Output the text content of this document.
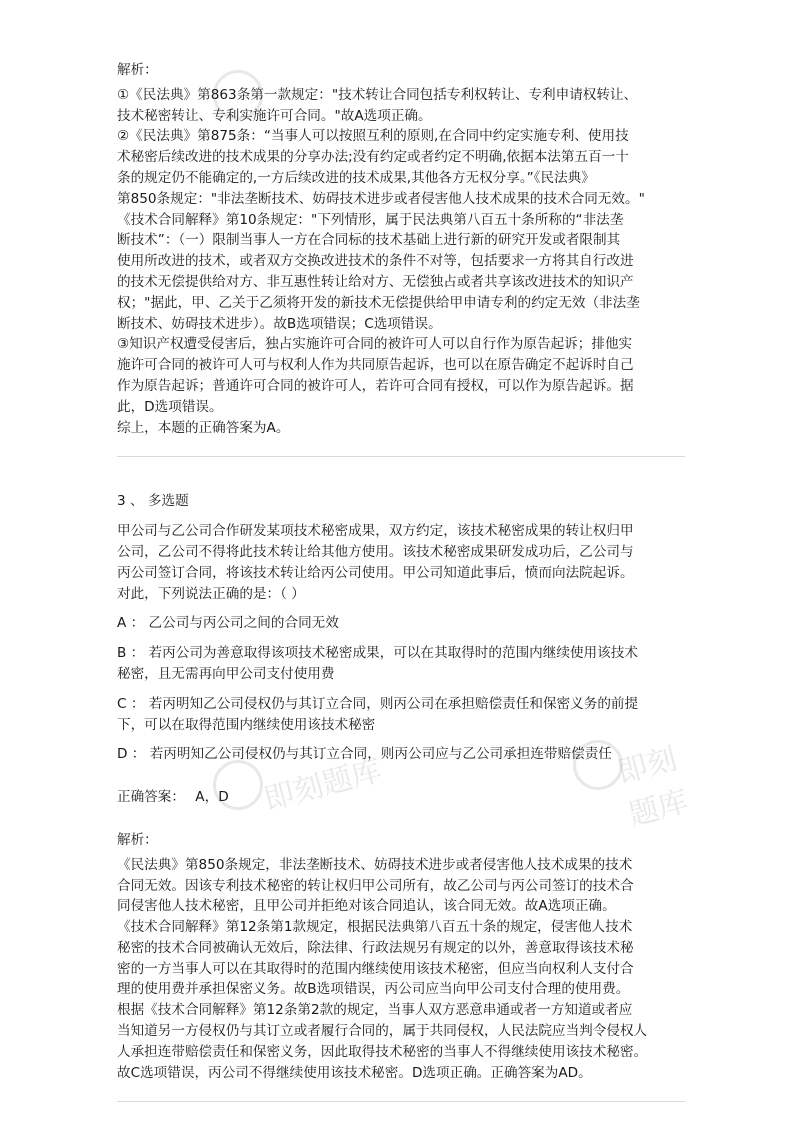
即刻题库	即刻题库
解析：
①《民法典》第863条第一款规定："技术转让合同包括专利权转让、专利申请权转让、
技术秘密转让、专利实施许可合同。"故A选项正确。
②《民法典》第875条：“当事人可以按照互利的原则,在合同中约定实施专利、使用技
术秘密后续改进的技术成果的分享办法;没有约定或者约定不明确,依据本法第五百一十
条的规定仍不能确定的,一方后续改进的技术成果,其他各方无权分享。”《民法典》
第850条规定："非法垄断技术、妨碍技术进步或者侵害他人技术成果的技术合同无效。"
《技术合同解释》第10条规定："下列情形，属于民法典第八百五十条所称的“非法垄
断技术”：（一）限制当事人一方在合同标的技术基础上进行新的研究开发或者限制其
使用所改进的技术，或者双方交换改进技术的条件不对等，包括要求一方将其自行改进
的技术无偿提供给对方、非互惠性转让给对方、无偿独占或者共享该改进技术的知识产
权；"据此，甲、乙关于乙须将开发的新技术无偿提供给甲申请专利的约定无效（非法垄
断技术、妨碍技术进步）。故B选项错误；C选项错误。
③知识产权遭受侵害后，独占实施许可合同的被许可人可以自行作为原告起诉；排他实
施许可合同的被许可人可与权利人作为共同原告起诉，也可以在原告确定不起诉时自己
作为原告起诉；普通许可合同的被许可人，若许可合同有授权，可以作为原告起诉。据
此，D选项错误。
综上，本题的正确答案为A。
3 、 多选题
甲公司与乙公司合作研发某项技术秘密成果，双方约定，该技术秘密成果的转让权归甲
公司，乙公司不得将此技术转让给其他方使用。该技术秘密成果研发成功后，乙公司与
丙公司签订合同，将该技术转让给丙公司使用。甲公司知道此事后，愤而向法院起诉。
对此，下列说法正确的是：（ ）
A ： 乙公司与丙公司之间的合同无效
B ： 若丙公司为善意取得该项技术秘密成果，可以在其取得时的范围内继续使用该技术
秘密，且无需再向甲公司支付使用费
C ： 若丙明知乙公司侵权仍与其订立合同，则丙公司在承担赔偿责任和保密义务的前提
下，可以在取得范围内继续使用该技术秘密
D ： 若丙明知乙公司侵权仍与其订立合同，则丙公司应与乙公司承担连带赔偿责任
正确答案： A，D
解析：
《民法典》第850条规定，非法垄断技术、妨碍技术进步或者侵害他人技术成果的技术
合同无效。因该专利技术秘密的转让权归甲公司所有，故乙公司与丙公司签订的技术合
同侵害他人技术秘密，且甲公司并拒绝对该合同追认，该合同无效。故A选项正确。
《技术合同解释》第12条第1款规定，根据民法典第八百五十条的规定，侵害他人技术
秘密的技术合同被确认无效后，除法律、行政法规另有规定的以外，善意取得该技术秘
密的一方当事人可以在其取得时的范围内继续使用该技术秘密，但应当向权利人支付合
理的使用费并承担保密义务。故B选项错误，丙公司应当向甲公司支付合理的使用费。
根据《技术合同解释》第12条第2款的规定，当事人双方恶意串通或者一方知道或者应
当知道另一方侵权仍与其订立或者履行合同的，属于共同侵权，人民法院应当判令侵权人
人承担连带赔偿责任和保密义务，因此取得技术秘密的当事人不得继续使用该技术秘密。
故C选项错误，丙公司不得继续使用该技术秘密。D选项正确。正确答案为AD。
